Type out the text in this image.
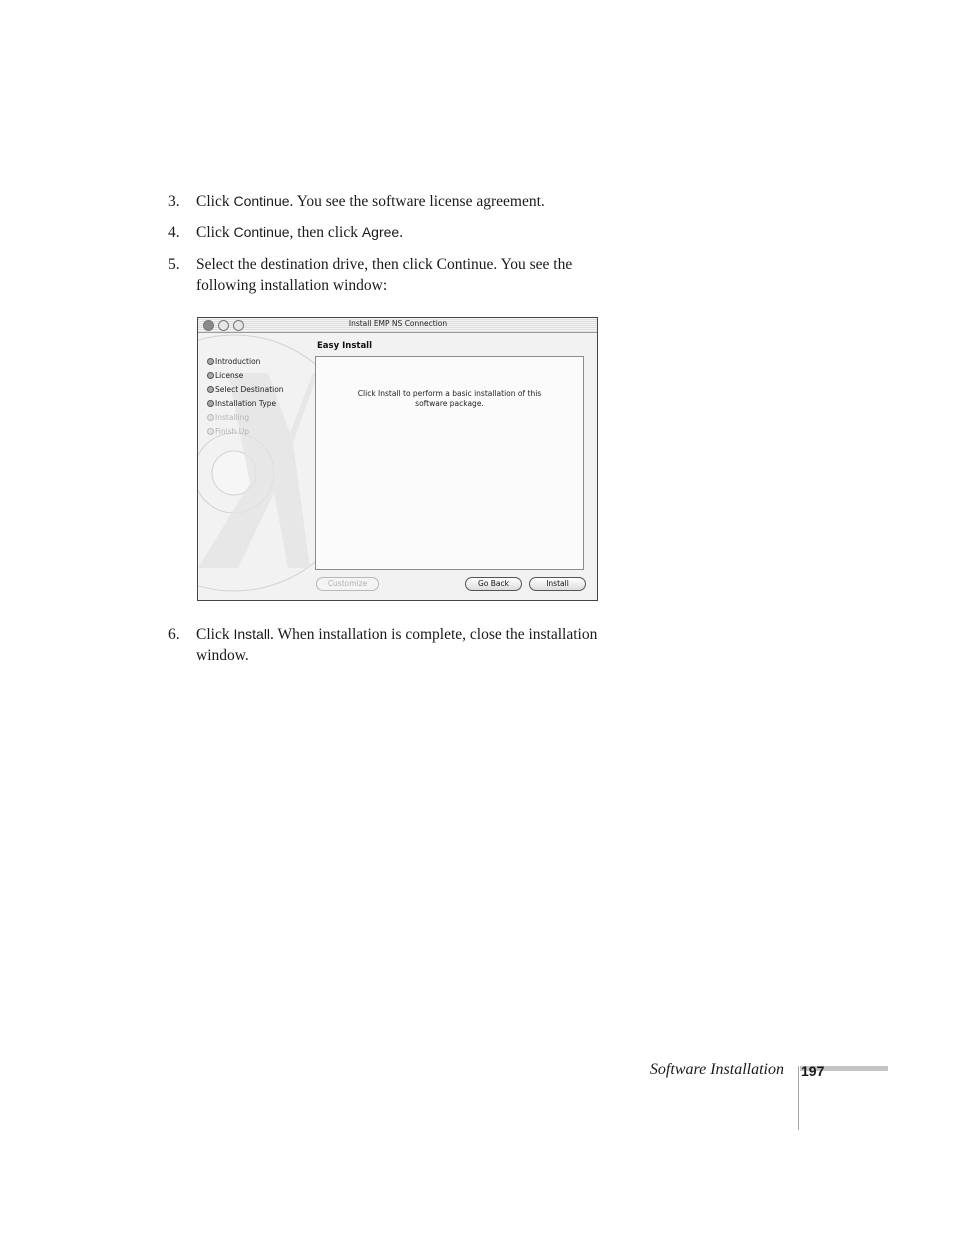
3. Click Continue. You see the software license agreement.
4. Click Continue, then click Agree.
5. Select the destination drive, then click Continue. You see the following installation window:
Install EMP NS Connection
Easy Install
Introduction
License
Select Destination
Installation Type
Installing
Finish Up
Click Install to perform a basic installation of this
software package.
Customize	Go Back	Install
6. Click Install. When installation is complete, close the installation window.
Software Installation 197
